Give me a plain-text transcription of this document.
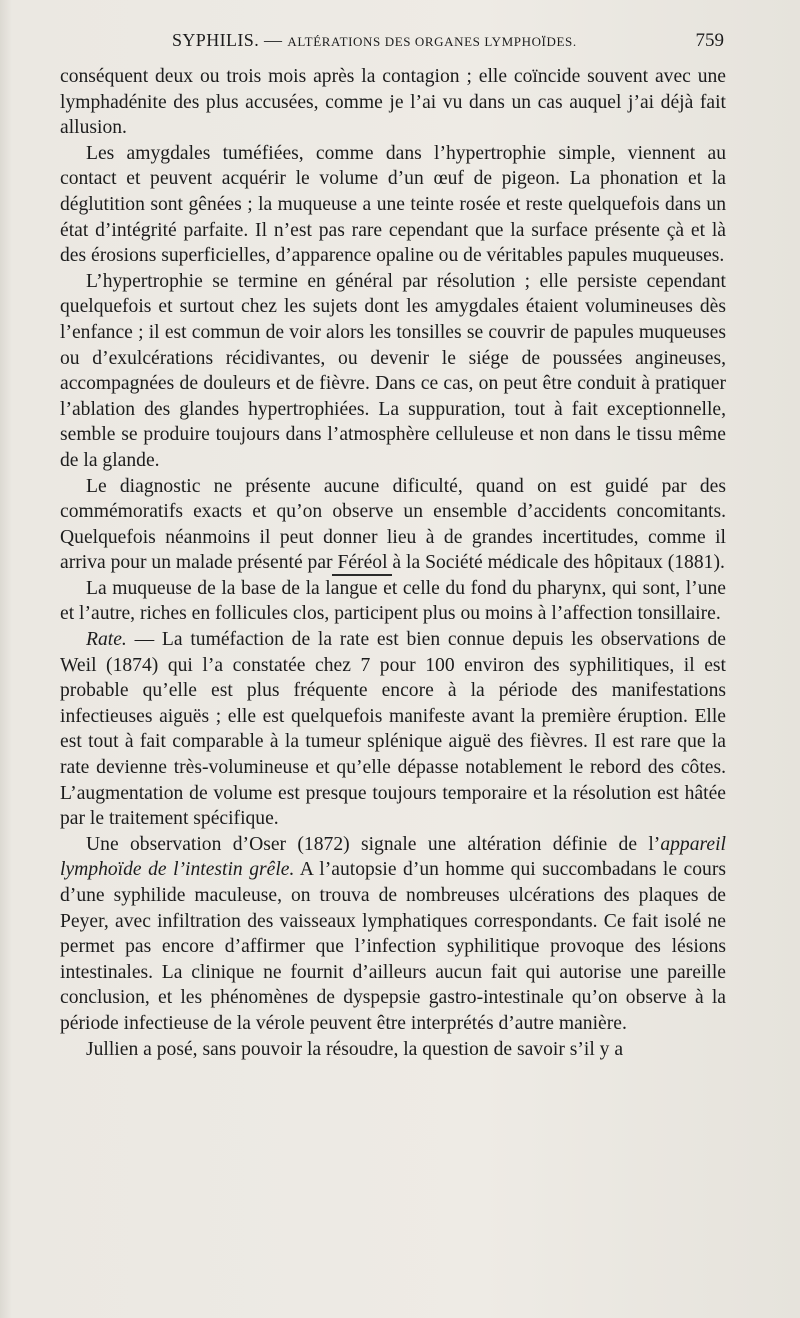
SYPHILIS. — ALTÉRATIONS DES ORGANES LYMPHOÏDES.	759

conséquent deux ou trois mois après la contagion ; elle coïncide souvent avec une lymphadénite des plus accusées, comme je l’ai vu dans un cas auquel j’ai déjà fait allusion.

Les amygdales tuméfiées, comme dans l’hypertrophie simple, viennent au contact et peuvent acquérir le volume d’un œuf de pigeon. La phonation et la déglutition sont gênées ; la muqueuse a une teinte rosée et reste quelquefois dans un état d’intégrité parfaite. Il n’est pas rare cependant que la surface présente çà et là des érosions superficielles, d’apparence opaline ou de véritables papules muqueuses.

L’hypertrophie se termine en général par résolution ; elle persiste cependant quelquefois et surtout chez les sujets dont les amygdales étaient volumineuses dès l’enfance ; il est commun de voir alors les tonsilles se couvrir de papules muqueuses ou d’exulcérations récidivantes, ou devenir le siége de poussées angineuses, accompagnées de douleurs et de fièvre. Dans ce cas, on peut être conduit à pratiquer l’ablation des glandes hypertrophiées. La suppuration, tout à fait exceptionnelle, semble se produire toujours dans l’atmosphère celluleuse et non dans le tissu même de la glande.

Le diagnostic ne présente aucune dificulté, quand on est guidé par des commémoratifs exacts et qu’on observe un ensemble d’accidents concomitants. Quelquefois néanmoins il peut donner lieu à de grandes incertitudes, comme il arriva pour un malade présenté par Féréol à la Société médicale des hôpitaux (1881).

La muqueuse de la base de la langue et celle du fond du pharynx, qui sont, l’une et l’autre, riches en follicules clos, participent plus ou moins à l’affection tonsillaire.

Rate. — La tuméfaction de la rate est bien connue depuis les observations de Weil (1874) qui l’a constatée chez 7 pour 100 environ des syphilitiques, il est probable qu’elle est plus fréquente encore à la période des manifestations infectieuses aiguës ; elle est quelquefois manifeste avant la première éruption. Elle est tout à fait comparable à la tumeur splénique aiguë des fièvres. Il est rare que la rate devienne très-volumineuse et qu’elle dépasse notablement le rebord des côtes. L’augmentation de volume est presque toujours temporaire et la résolution est hâtée par le traitement spécifique.

Une observation d’Oser (1872) signale une altération définie de l’appareil lymphoïde de l’intestin grêle. A l’autopsie d’un homme qui succombadans le cours d’une syphilide maculeuse, on trouva de nombreuses ulcérations des plaques de Peyer, avec infiltration des vaisseaux lymphatiques correspondants. Ce fait isolé ne permet pas encore d’affirmer que l’infection syphilitique provoque des lésions intestinales. La clinique ne fournit d’ailleurs aucun fait qui autorise une pareille conclusion, et les phénomènes de dyspepsie gastro-intestinale qu’on observe à la période infectieuse de la vérole peuvent être interprétés d’autre manière.

Jullien a posé, sans pouvoir la résoudre, la question de savoir s’il y a
